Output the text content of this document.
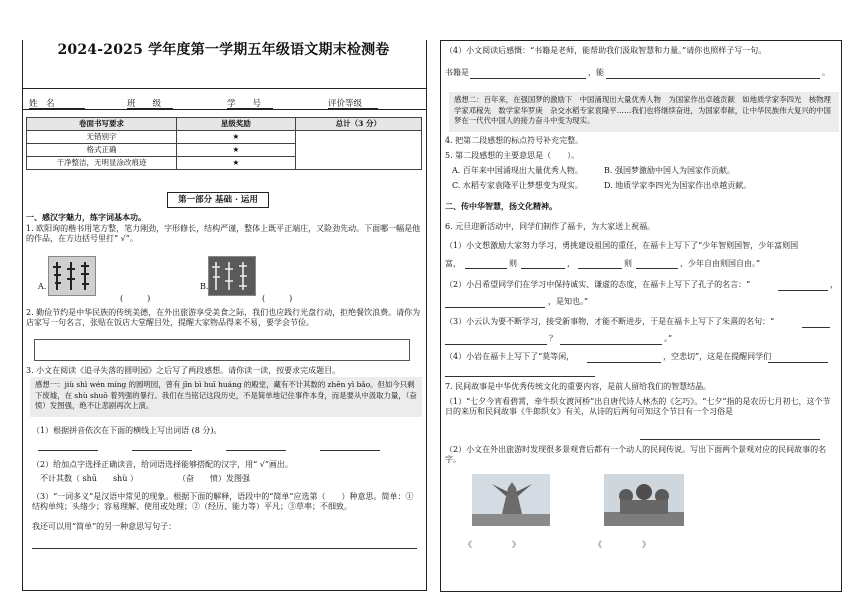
2024-2025 学年度第一学期五年级语文期末检测卷
姓　名	班　　级	学　　号	评价等级
卷面书写要求	星级奖励	总计（3 分）
无错别字	★	
格式正确	★	
干净整洁，无明显涂改痕迹	★	
第一部分 基础 · 运用
一、感汉字魅力，练字词基本功。
1. 欧阳询的楷书用笔方整，笔力刚劲，字形修长，结构严谨，整体上既平正端庄，又险劲先动。下面哪一幅是他的作品，在方边括号里打“ √”。
A.
(　　　)
B.
(　　　)
2. 勤俭节约是中华民族的传统美德，在外出旅游享受美食之际，我们也应践行光盘行动，拒绝餐饮浪费。请你为店家写一句名言，张贴在饭店大堂醒目处，提醒大家物品得来不易，要学会节俭。
3. 小文在阅读《追寻失落的圆明园》之后写了两段感想。请你读一读，按要求完成题目。
感想一：jiù shì wén míng 的圆明园，曾有 jīn bì huī huáng 的殿堂，藏有不计其数的 zhēn yì bǎo。但如今只剩下废墟，在 shù shuō 着列强的暴行。我们在当铭记这段历史，不是简单地记住事件本身，而是要从中汲取力量，（奋 愤）发图强，绝不让悲剧再次上演。
（1）根据拼音依次在下面的横线上写出词语 (8 分)。
（2）给加点字选择正确读音，给词语选择能够搭配的汉字，用“ √”画出。
不计其数（ shū　　shù ）	（奋　　愤）发图强
（3）“一词多义”是汉语中常见的现象。根据下面的解释，语段中的“简单”应选第（　　）种意思。简单：①结构单纯；头绪少；容易理解、使用或处理；②（经历、能力等）平凡；③草率；不细致。
我还可以用“简单”的另一种意思写句子：
（4）小文阅读后感慨：“书籍是老师，能帮助我们汲取智慧和力量。”请你也照样子写一句。
书籍是	，能	。
感想二：百年来，在强国梦的激励下　中国涌现出大量优秀人物　为国家作出卓越贡献　如地质学家李四光　核物理学家邓稼先　数学家华罗庚　杂交水稻专家袁隆平……我们也将继续奋进，为国家奉献，让中华民族伟大复兴的中国梦在一代代中国人的接力奋斗中变为现实。
4. 把第二段感想的标点符号补充完整。
5. 第二段感想的主要意思是（　　）。
A. 百年来中国涌现出大量优秀人物。	B. 强国梦激励中国人为国家作贡献。
C. 水稻专家袁隆平让梦想变为现实。	D. 地质学家李四光为国家作出卓越贡献。
二、传中华智慧，扬文化精神。
6. 元旦迎新活动中，同学们制作了福卡，为大家送上祝福。
（1）小文想激励大家努力学习，勇挑建设祖国的重任，在福卡上写下了“少年智则国智，少年富则国
富，	则	，	则	，少年自由则国自由。”
（2）小吕希望同学们在学习中保持诚实、谦虚的态度，在福卡上写下了孔子的名言：“	，
，是知也。”
（3）小云认为要不断学习，接受新事物，才能不断进步，于是在福卡上写下了朱熹的名句：“
？	。”
（4）小岩在福卡上写下了“莫等闲，	，空悲切”，这是在提醒同学们
7. 民间故事是中华优秀传统文化的重要内容，是前人留给我们的智慧结晶。
（1）“七夕今宵看碧霄，牵牛织女渡河桥”出自唐代诗人林杰的《乞巧》。“七夕”指的是农历七月初七，这个节日的来历和民间故事《牛郎织女》有关，从诗的后两句可知这个节日有一个习俗是
（2）小文在外出旅游时发现很多景观背后都有一个动人的民间传说。写出下面两个景观对应的民间故事的名字。
《　　　　　》	《　　　　　》
